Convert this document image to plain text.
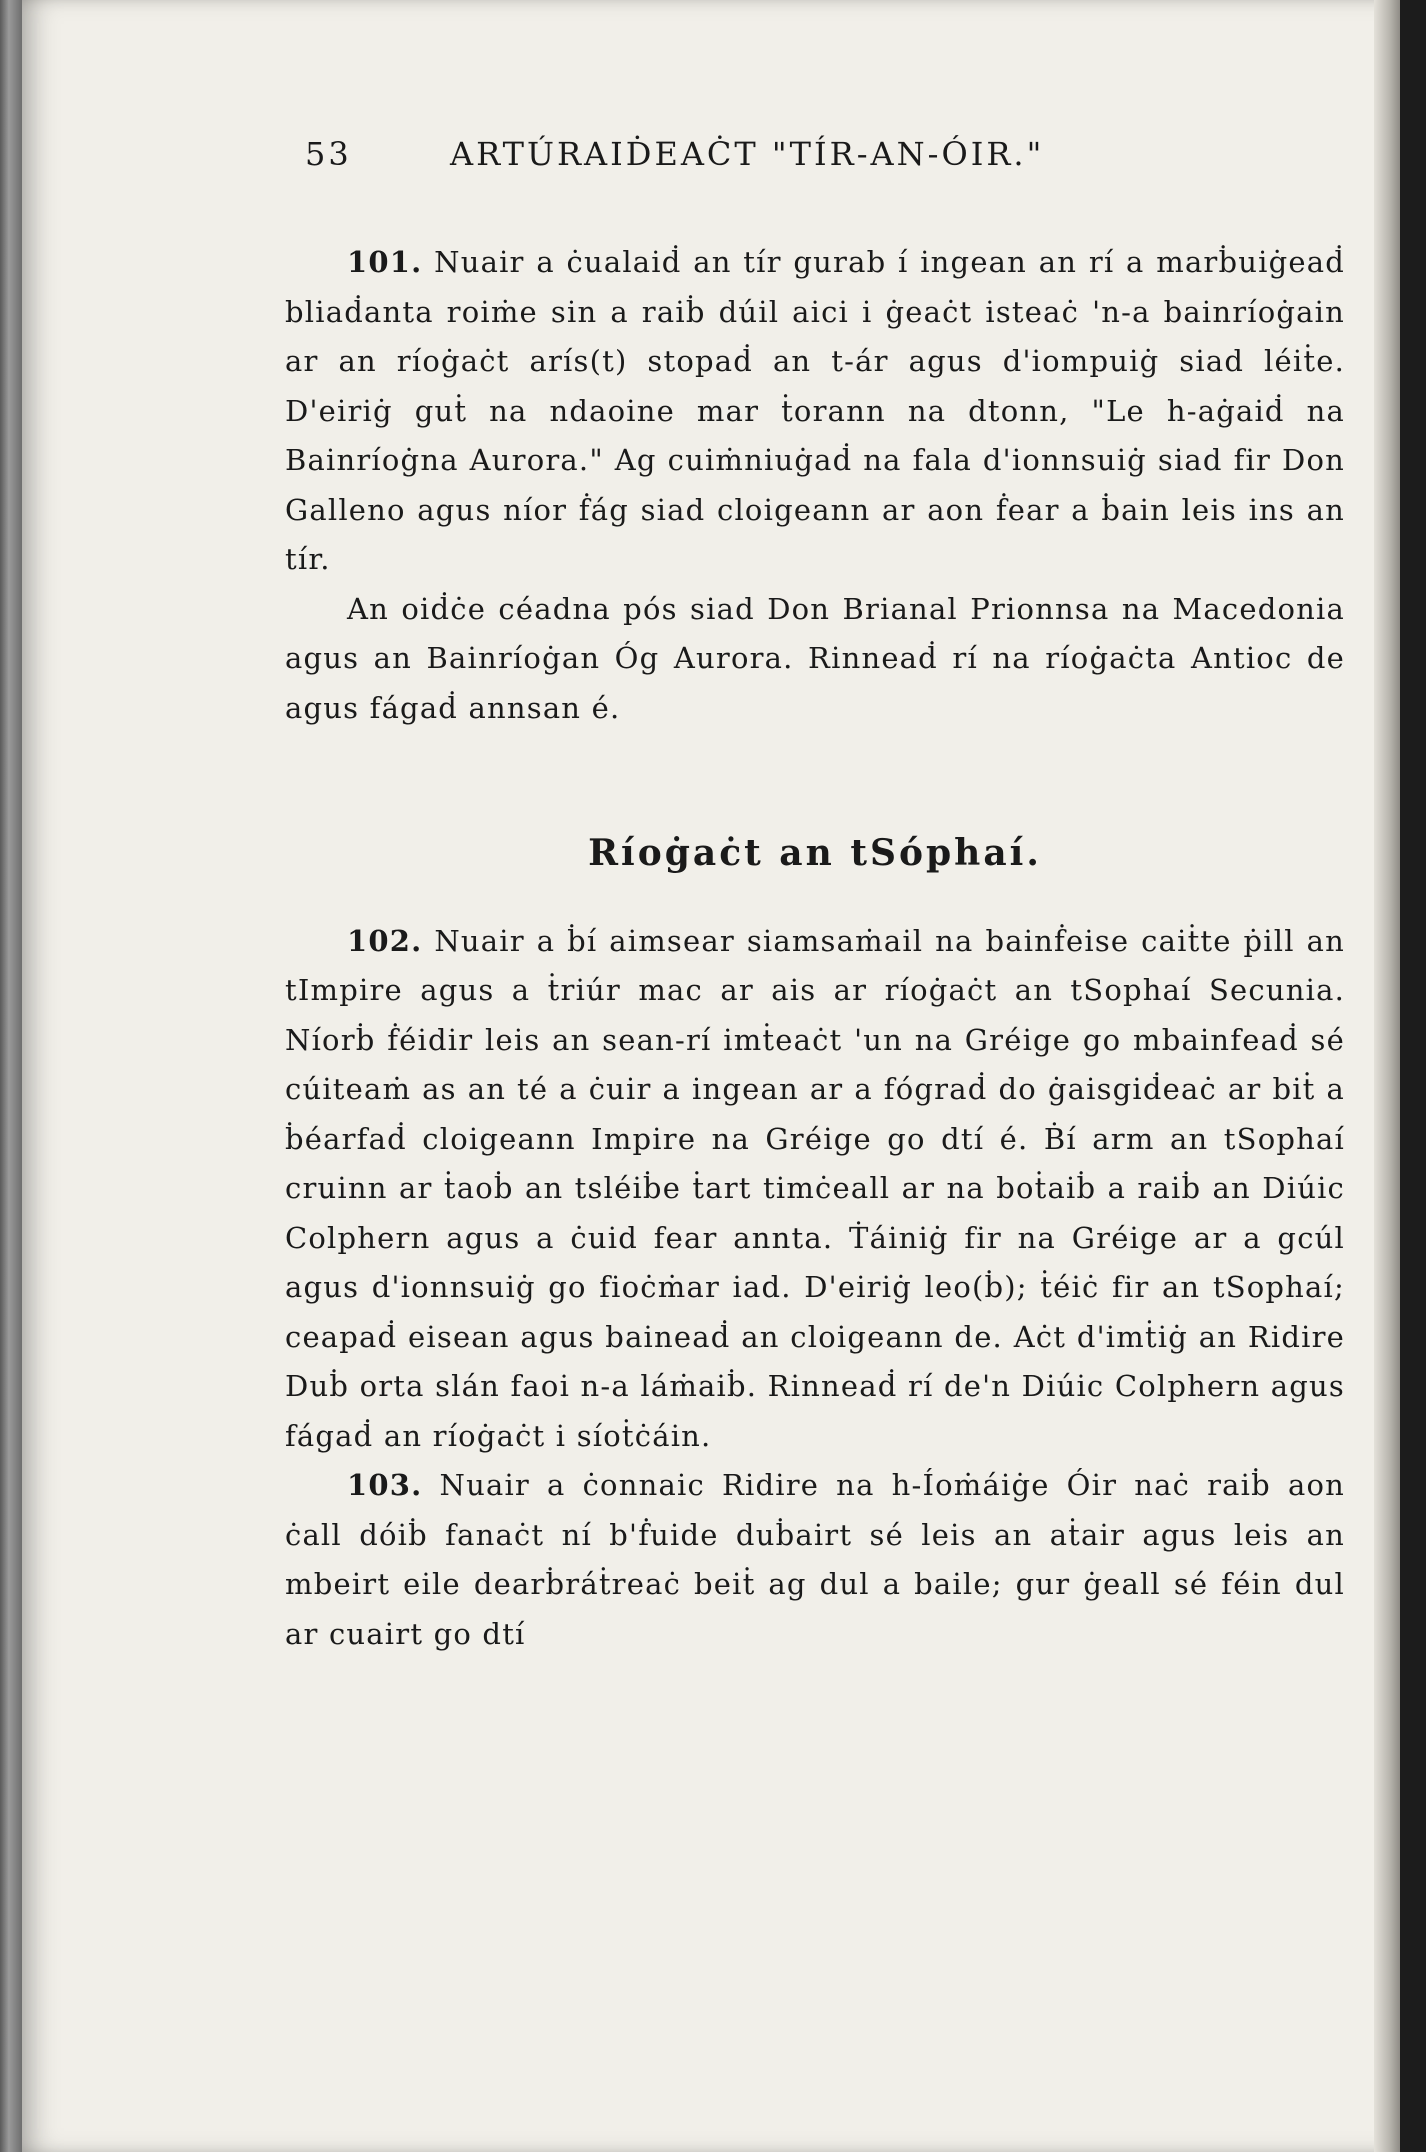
53	ARTÚRAIḊEAĊT "TÍR-AN-ÓIR."

101. Nuair a ċualaiḋ an tír gurab í ingean an rí a marḃuiġeaḋ bliaḋanta roiṁe sin a raiḃ dúil aici i ġeaċt isteaċ 'n-a bainríoġain ar an ríoġaċt arís(t) stopaḋ an t-ár agus d'iompuiġ siad léiṫe. D'eiriġ guṫ na ndaoine mar ṫorann na dtonn, "Le h-aġaiḋ na Bainríoġna Aurora." Ag cuiṁniuġaḋ na fala d'ionnsuiġ siad fir Don Galleno agus níor ḟág siad cloigeann ar aon ḟear a ḃain leis ins an tír.

An oiḋċe céadna pós siad Don Brianal Prionnsa na Macedonia agus an Bainríoġan Óg Aurora. Rinneaḋ rí na ríoġaċta Antioc de agus fágaḋ annsan é.

Ríoġaċt an tSóphaí.

102. Nuair a ḃí aimsear siamsaṁail na bainḟeise caiṫte ṗill an tImpire agus a ṫriúr mac ar ais ar ríoġaċt an tSophaí Secunia. Níorḃ ḟéidir leis an sean-rí imṫeaċt 'un na Gréige go mbainfeaḋ sé cúiteaṁ as an té a ċuir a ingean ar a fógraḋ do ġaisgiḋeaċ ar biṫ a ḃéarfaḋ cloigeann Impire na Gréige go dtí é. Ḃí arm an tSophaí cruinn ar ṫaoḃ an tsléiḃe ṫart timċeall ar na boṫaiḃ a raiḃ an Diúic Colphern agus a ċuid fear annta. Ṫáiniġ fir na Gréige ar a gcúl agus d'ionnsuiġ go fioċṁar iad. D'eiriġ leo(ḃ); ṫéiċ fir an tSophaí; ceapaḋ eisean agus baineaḋ an cloigeann de. Aċt d'imṫiġ an Ridire Duḃ orta slán faoi n-a láṁaiḃ. Rinneaḋ rí de'n Diúic Colphern agus fágaḋ an ríoġaċt i síoṫċáin.

103. Nuair a ċonnaic Ridire na h-Íoṁáiġe Óir naċ raiḃ aon ċall dóiḃ fanaċt ní b'ḟuide duḃairt sé leis an aṫair agus leis an mbeirt eile dearḃráṫreaċ beiṫ ag dul a baile; gur ġeall sé féin dul ar cuairt go dtí
